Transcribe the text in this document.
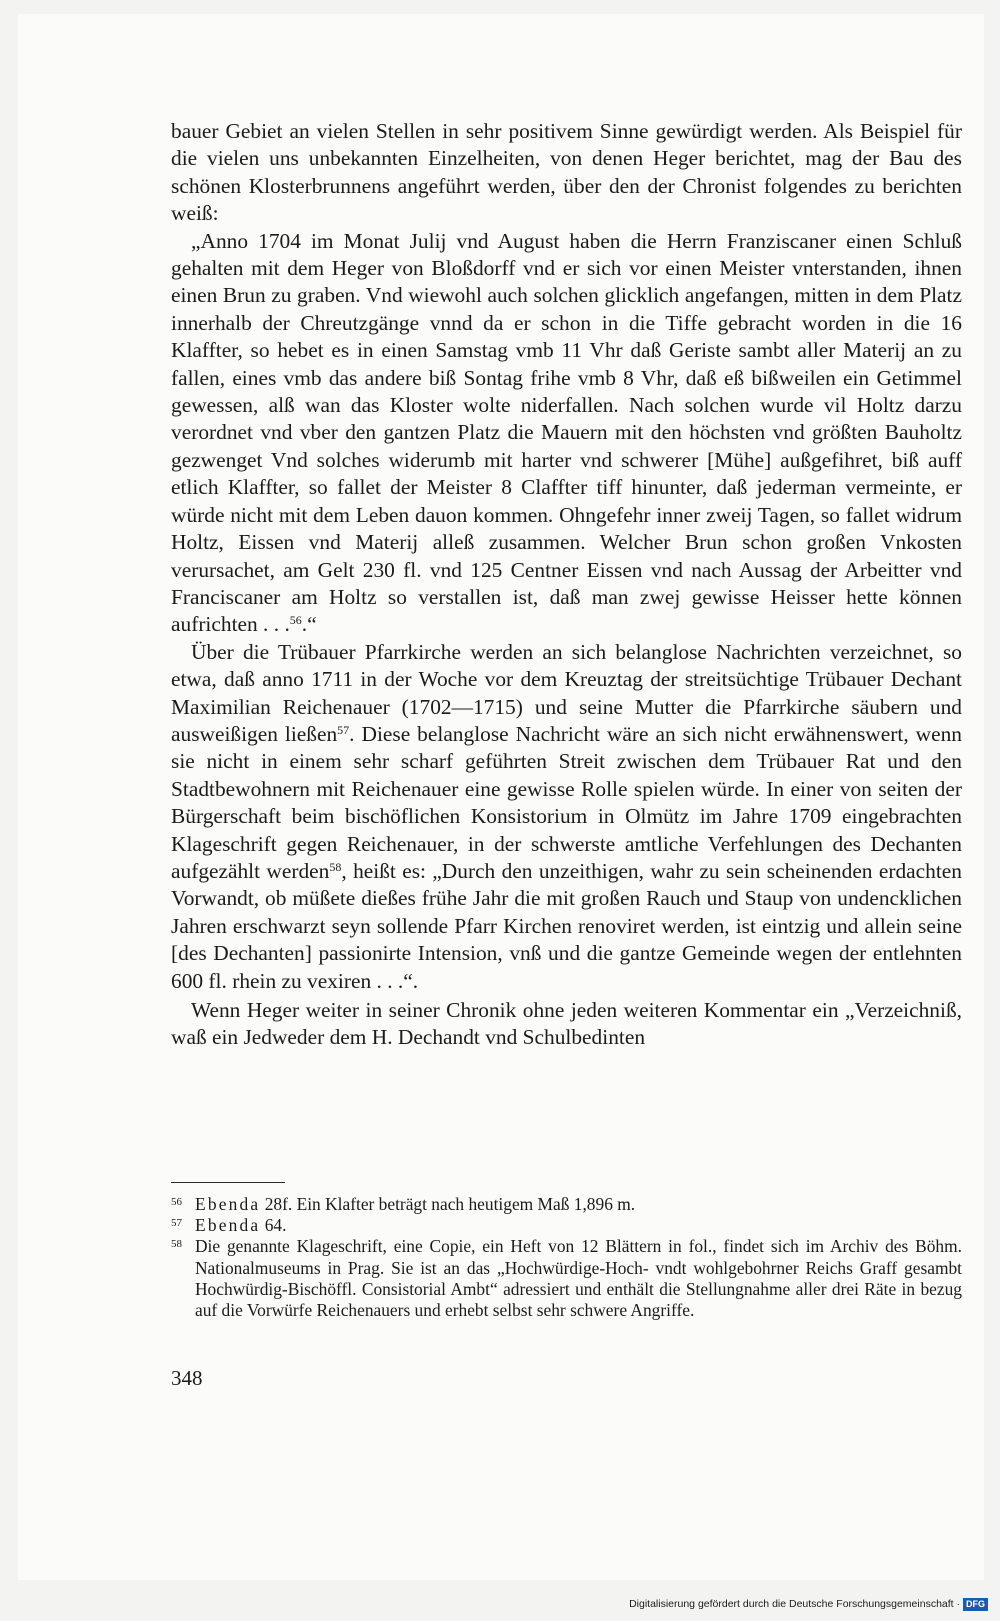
bauer Gebiet an vielen Stellen in sehr positivem Sinne gewürdigt werden. Als Beispiel für die vielen uns unbekannten Einzelheiten, von denen Heger berichtet, mag der Bau des schönen Klosterbrunnens angeführt werden, über den der Chronist folgendes zu berichten weiß:

„Anno 1704 im Monat Julij vnd August haben die Herrn Franziscaner einen Schluß gehalten mit dem Heger von Bloßdorff vnd er sich vor einen Meister vnterstanden, ihnen einen Brun zu graben. Vnd wiewohl auch solchen glicklich angefangen, mitten in dem Platz innerhalb der Chreutzgänge vnnd da er schon in die Tiffe gebracht worden in die 16 Klaffter, so hebet es in einen Samstag vmb 11 Vhr daß Geriste sambt aller Materij an zu fallen, eines vmb das andere biß Sontag frihe vmb 8 Vhr, daß eß bißweilen ein Getimmel gewessen, alß wan das Kloster wolte niderfallen. Nach solchen wurde vil Holtz darzu verordnet vnd vber den gantzen Platz die Mauern mit den höchsten vnd größten Bauholtz gezwenget Vnd solches widerumb mit harter vnd schwerer [Mühe] außgefihret, biß auff etlich Klaffter, so fallet der Meister 8 Claffter tiff hinunter, daß jederman vermeinte, er würde nicht mit dem Leben dauon kommen. Ohngefehr inner zweij Tagen, so fallet widrum Holtz, Eissen vnd Materij alleß zusammen. Welcher Brun schon großen Vnkosten verursachet, am Gelt 230 fl. vnd 125 Centner Eissen vnd nach Aussag der Arbeitter vnd Franciscaner am Holtz so verstallen ist, daß man zwej gewisse Heisser hette können aufrichten . . .$^{56}$.“

Über die Trübauer Pfarrkirche werden an sich belanglose Nachrichten verzeichnet, so etwa, daß anno 1711 in der Woche vor dem Kreuztag der streitsüchtige Trübauer Dechant Maximilian Reichenauer (1702—1715) und seine Mutter die Pfarrkirche säubern und ausweißigen ließen$^{57}$. Diese belanglose Nachricht wäre an sich nicht erwähnenswert, wenn sie nicht in einem sehr scharf geführten Streit zwischen dem Trübauer Rat und den Stadtbewohnern mit Reichenauer eine gewisse Rolle spielen würde. In einer von seiten der Bürgerschaft beim bischöflichen Konsistorium in Olmütz im Jahre 1709 eingebrachten Klageschrift gegen Reichenauer, in der schwerste amtliche Verfehlungen des Dechanten aufgezählt werden$^{58}$, heißt es: „Durch den unzeithigen, wahr zu sein scheinenden erdachten Vorwandt, ob müßete dießes frühe Jahr die mit großen Rauch und Staup von undencklichen Jahren erschwarzt seyn sollende Pfarr Kirchen renoviret werden, ist eintzig und allein seine [des Dechanten] passionirte Intension, vnß und die gantze Gemeinde wegen der entlehnten 600 fl. rhein zu vexiren . . .“.

Wenn Heger weiter in seiner Chronik ohne jeden weiteren Kommentar ein „Verzeichniß, waß ein Jedweder dem H. Dechandt vnd Schulbedinten

56 Ebenda 28f. Ein Klafter beträgt nach heutigem Maß 1,896 m.
57 Ebenda 64.
58 Die genannte Klageschrift, eine Copie, ein Heft von 12 Blättern in fol., findet sich im Archiv des Böhm. Nationalmuseums in Prag. Sie ist an das „Hochwürdige-Hoch- vndt wohlgebohrner Reichs Graff gesambt Hochwürdig-Bischöffl. Consistorial Ambt“ adressiert und enthält die Stellungnahme aller drei Räte in bezug auf die Vorwürfe Reichenauers und erhebt selbst sehr schwere Angriffe.
348
Digitalisierung gefördert durch die Deutsche Forschungsgemeinschaft · DFG
